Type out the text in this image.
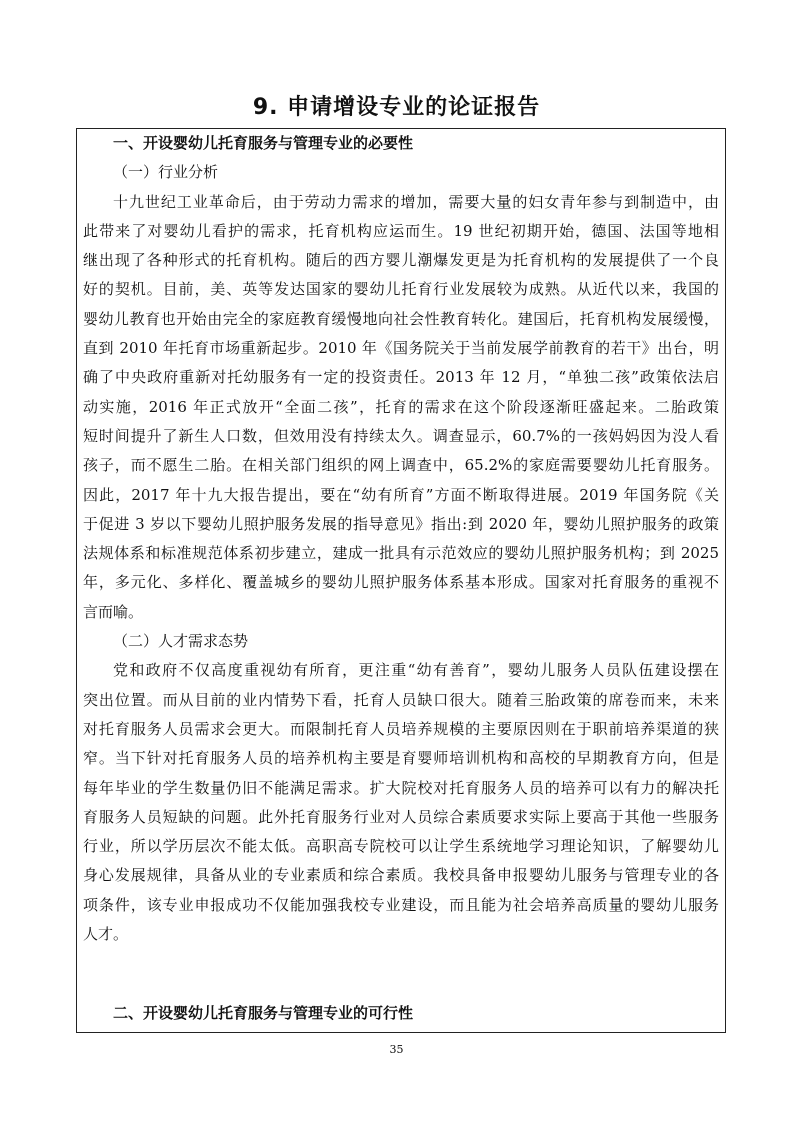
9. 申请增设专业的论证报告
一、开设婴幼儿托育服务与管理专业的必要性
（一）行业分析
十九世纪工业革命后，由于劳动力需求的增加，需要大量的妇女青年参与到制造中，由
此带来了对婴幼儿看护的需求，托育机构应运而生。19 世纪初期开始，德国、法国等地相
继出现了各种形式的托育机构。随后的西方婴儿潮爆发更是为托育机构的发展提供了一个良
好的契机。目前，美、英等发达国家的婴幼儿托育行业发展较为成熟。从近代以来，我国的
婴幼儿教育也开始由完全的家庭教育缓慢地向社会性教育转化。建国后，托育机构发展缓慢，
直到 2010 年托育市场重新起步。2010 年《国务院关于当前发展学前教育的若干》出台，明
确了中央政府重新对托幼服务有一定的投资责任。2013 年 12 月，“单独二孩”政策依法启
动实施，2016 年正式放开“全面二孩”，托育的需求在这个阶段逐渐旺盛起来。二胎政策
短时间提升了新生人口数，但效用没有持续太久。调查显示，60.7%的一孩妈妈因为没人看
孩子，而不愿生二胎。在相关部门组织的网上调查中，65.2%的家庭需要婴幼儿托育服务。
因此，2017 年十九大报告提出，要在“幼有所育”方面不断取得进展。2019 年国务院《关
于促进 3 岁以下婴幼儿照护服务发展的指导意见》指出:到 2020 年，婴幼儿照护服务的政策
法规体系和标准规范体系初步建立，建成一批具有示范效应的婴幼儿照护服务机构；到 2025
年，多元化、多样化、覆盖城乡的婴幼儿照护服务体系基本形成。国家对托育服务的重视不
言而喻。
（二）人才需求态势
党和政府不仅高度重视幼有所育，更注重“幼有善育”，婴幼儿服务人员队伍建设摆在
突出位置。而从目前的业内情势下看，托育人员缺口很大。随着三胎政策的席卷而来，未来
对托育服务人员需求会更大。而限制托育人员培养规模的主要原因则在于职前培养渠道的狭
窄。当下针对托育服务人员的培养机构主要是育婴师培训机构和高校的早期教育方向，但是
每年毕业的学生数量仍旧不能满足需求。扩大院校对托育服务人员的培养可以有力的解决托
育服务人员短缺的问题。此外托育服务行业对人员综合素质要求实际上要高于其他一些服务
行业，所以学历层次不能太低。高职高专院校可以让学生系统地学习理论知识，了解婴幼儿
身心发展规律，具备从业的专业素质和综合素质。我校具备申报婴幼儿服务与管理专业的各
项条件，该专业申报成功不仅能加强我校专业建设，而且能为社会培养高质量的婴幼儿服务
人才。
二、开设婴幼儿托育服务与管理专业的可行性
35
